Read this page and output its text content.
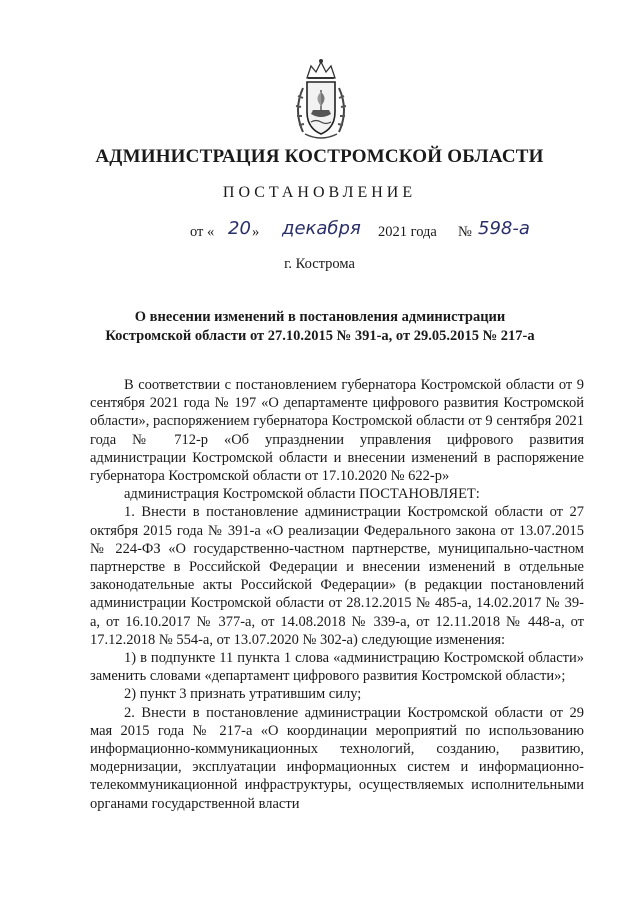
АДМИНИСТРАЦИЯ КОСТРОМСКОЙ ОБЛАСТИ
ПОСТАНОВЛЕНИЕ
от « 20 » декабря 2021 года № 598-а
г. Кострома
О внесении изменений в постановления администрации
Костромской области от 27.10.2015 № 391-а, от 29.05.2015 № 217-а

В соответствии с постановлением губернатора Костромской области от 9 сентября 2021 года № 197 «О департаменте цифрового развития Костромской области», распоряжением губернатора Костромской области от 9 сентября 2021 года № 712-р «Об упразднении управления цифрового развития администрации Костромской области и внесении изменений в распоряжение губернатора Костромской области от 17.10.2020 № 622-р»

администрация Костромской области ПОСТАНОВЛЯЕТ:

1. Внести в постановление администрации Костромской области от 27 октября 2015 года № 391-а «О реализации Федерального закона от 13.07.2015 № 224-ФЗ «О государственно-частном партнерстве, муниципально-частном партнерстве в Российской Федерации и внесении изменений в отдельные законодательные акты Российской Федерации» (в редакции постановлений администрации Костромской области от 28.12.2015 № 485-а, 14.02.2017 № 39-а, от 16.10.2017 № 377-а, от 14.08.2018 № 339-а, от 12.11.2018 № 448-а, от 17.12.2018 № 554-а, от 13.07.2020 № 302-а) следующие изменения:

1) в подпункте 11 пункта 1 слова «администрацию Костромской области» заменить словами «департамент цифрового развития Костромской области»;

2) пункт 3 признать утратившим силу;

2. Внести в постановление администрации Костромской области от 29 мая 2015 года № 217-а «О координации мероприятий по использованию информационно-коммуникационных технологий, созданию, развитию, модернизации, эксплуатации информационных систем и информационно-телекоммуникационной инфраструктуры, осуществляемых исполнительными органами государственной власти
